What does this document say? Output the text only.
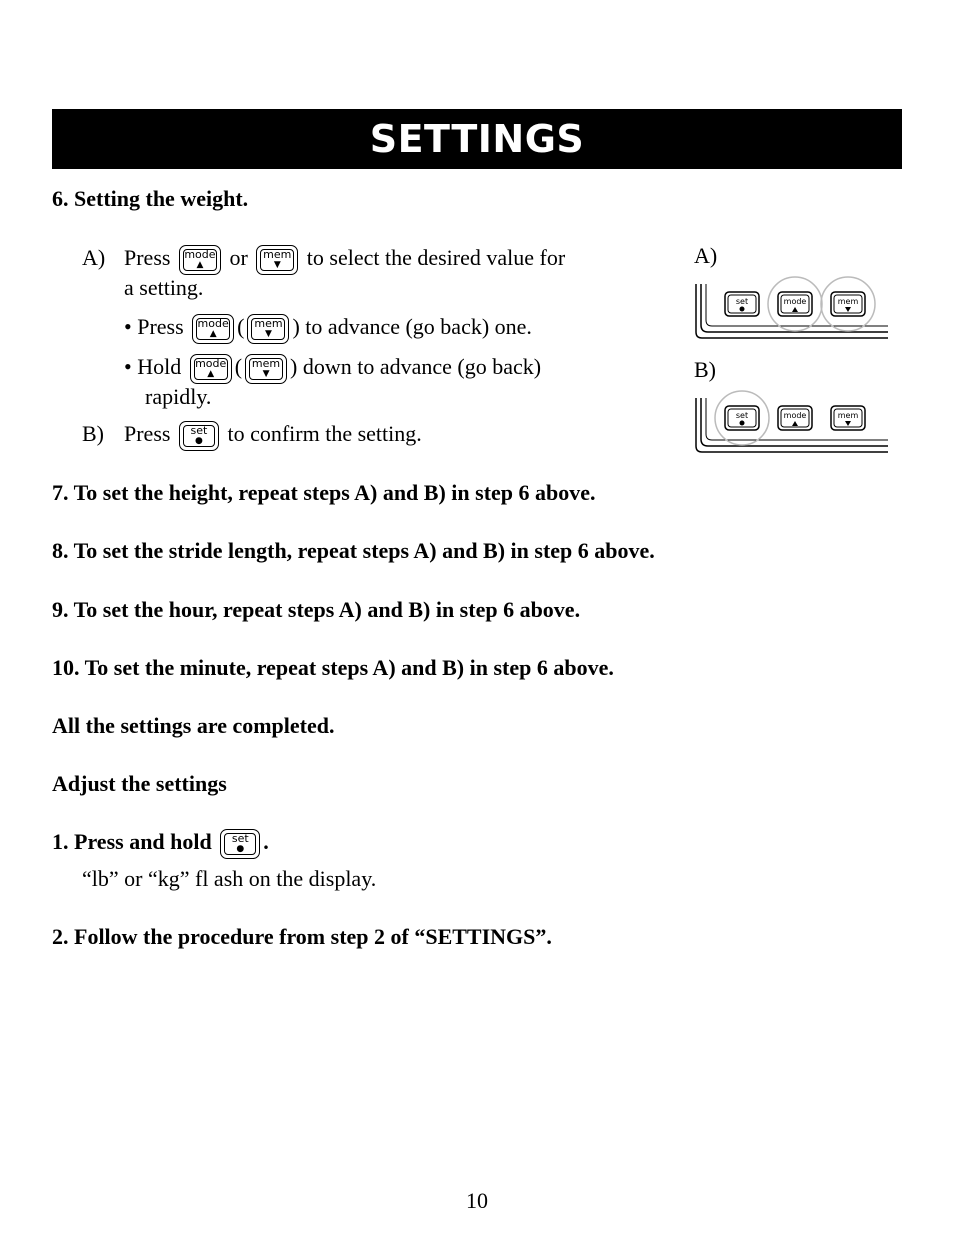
SETTINGS
6. Setting the weight.
A) Press	mode
▲	or	mem
▼	to select the desired value for
a setting.
• Press	mode
▲ ( mem
▼ ) to advance (go back) one.
• Hold	mode
▲ ( mem
▼ ) down to advance (go back)
rapidly.
B) Press	set
●	to confirm the setting.
A)
set	mode	mem
B)
set	mode	mem
7. To set the height, repeat steps A) and B) in step 6 above.
8. To set the stride length, repeat steps A) and B) in step 6 above.
9. To set the hour, repeat steps A) and B) in step 6 above.
10. To set the minute, repeat steps A) and B) in step 6 above.
All the settings are completed.
Adjust the settings
1. Press and hold	set
● .
“lb” or “kg” fl ash on the display.
2. Follow the procedure from step 2 of “SETTINGS”.
10
